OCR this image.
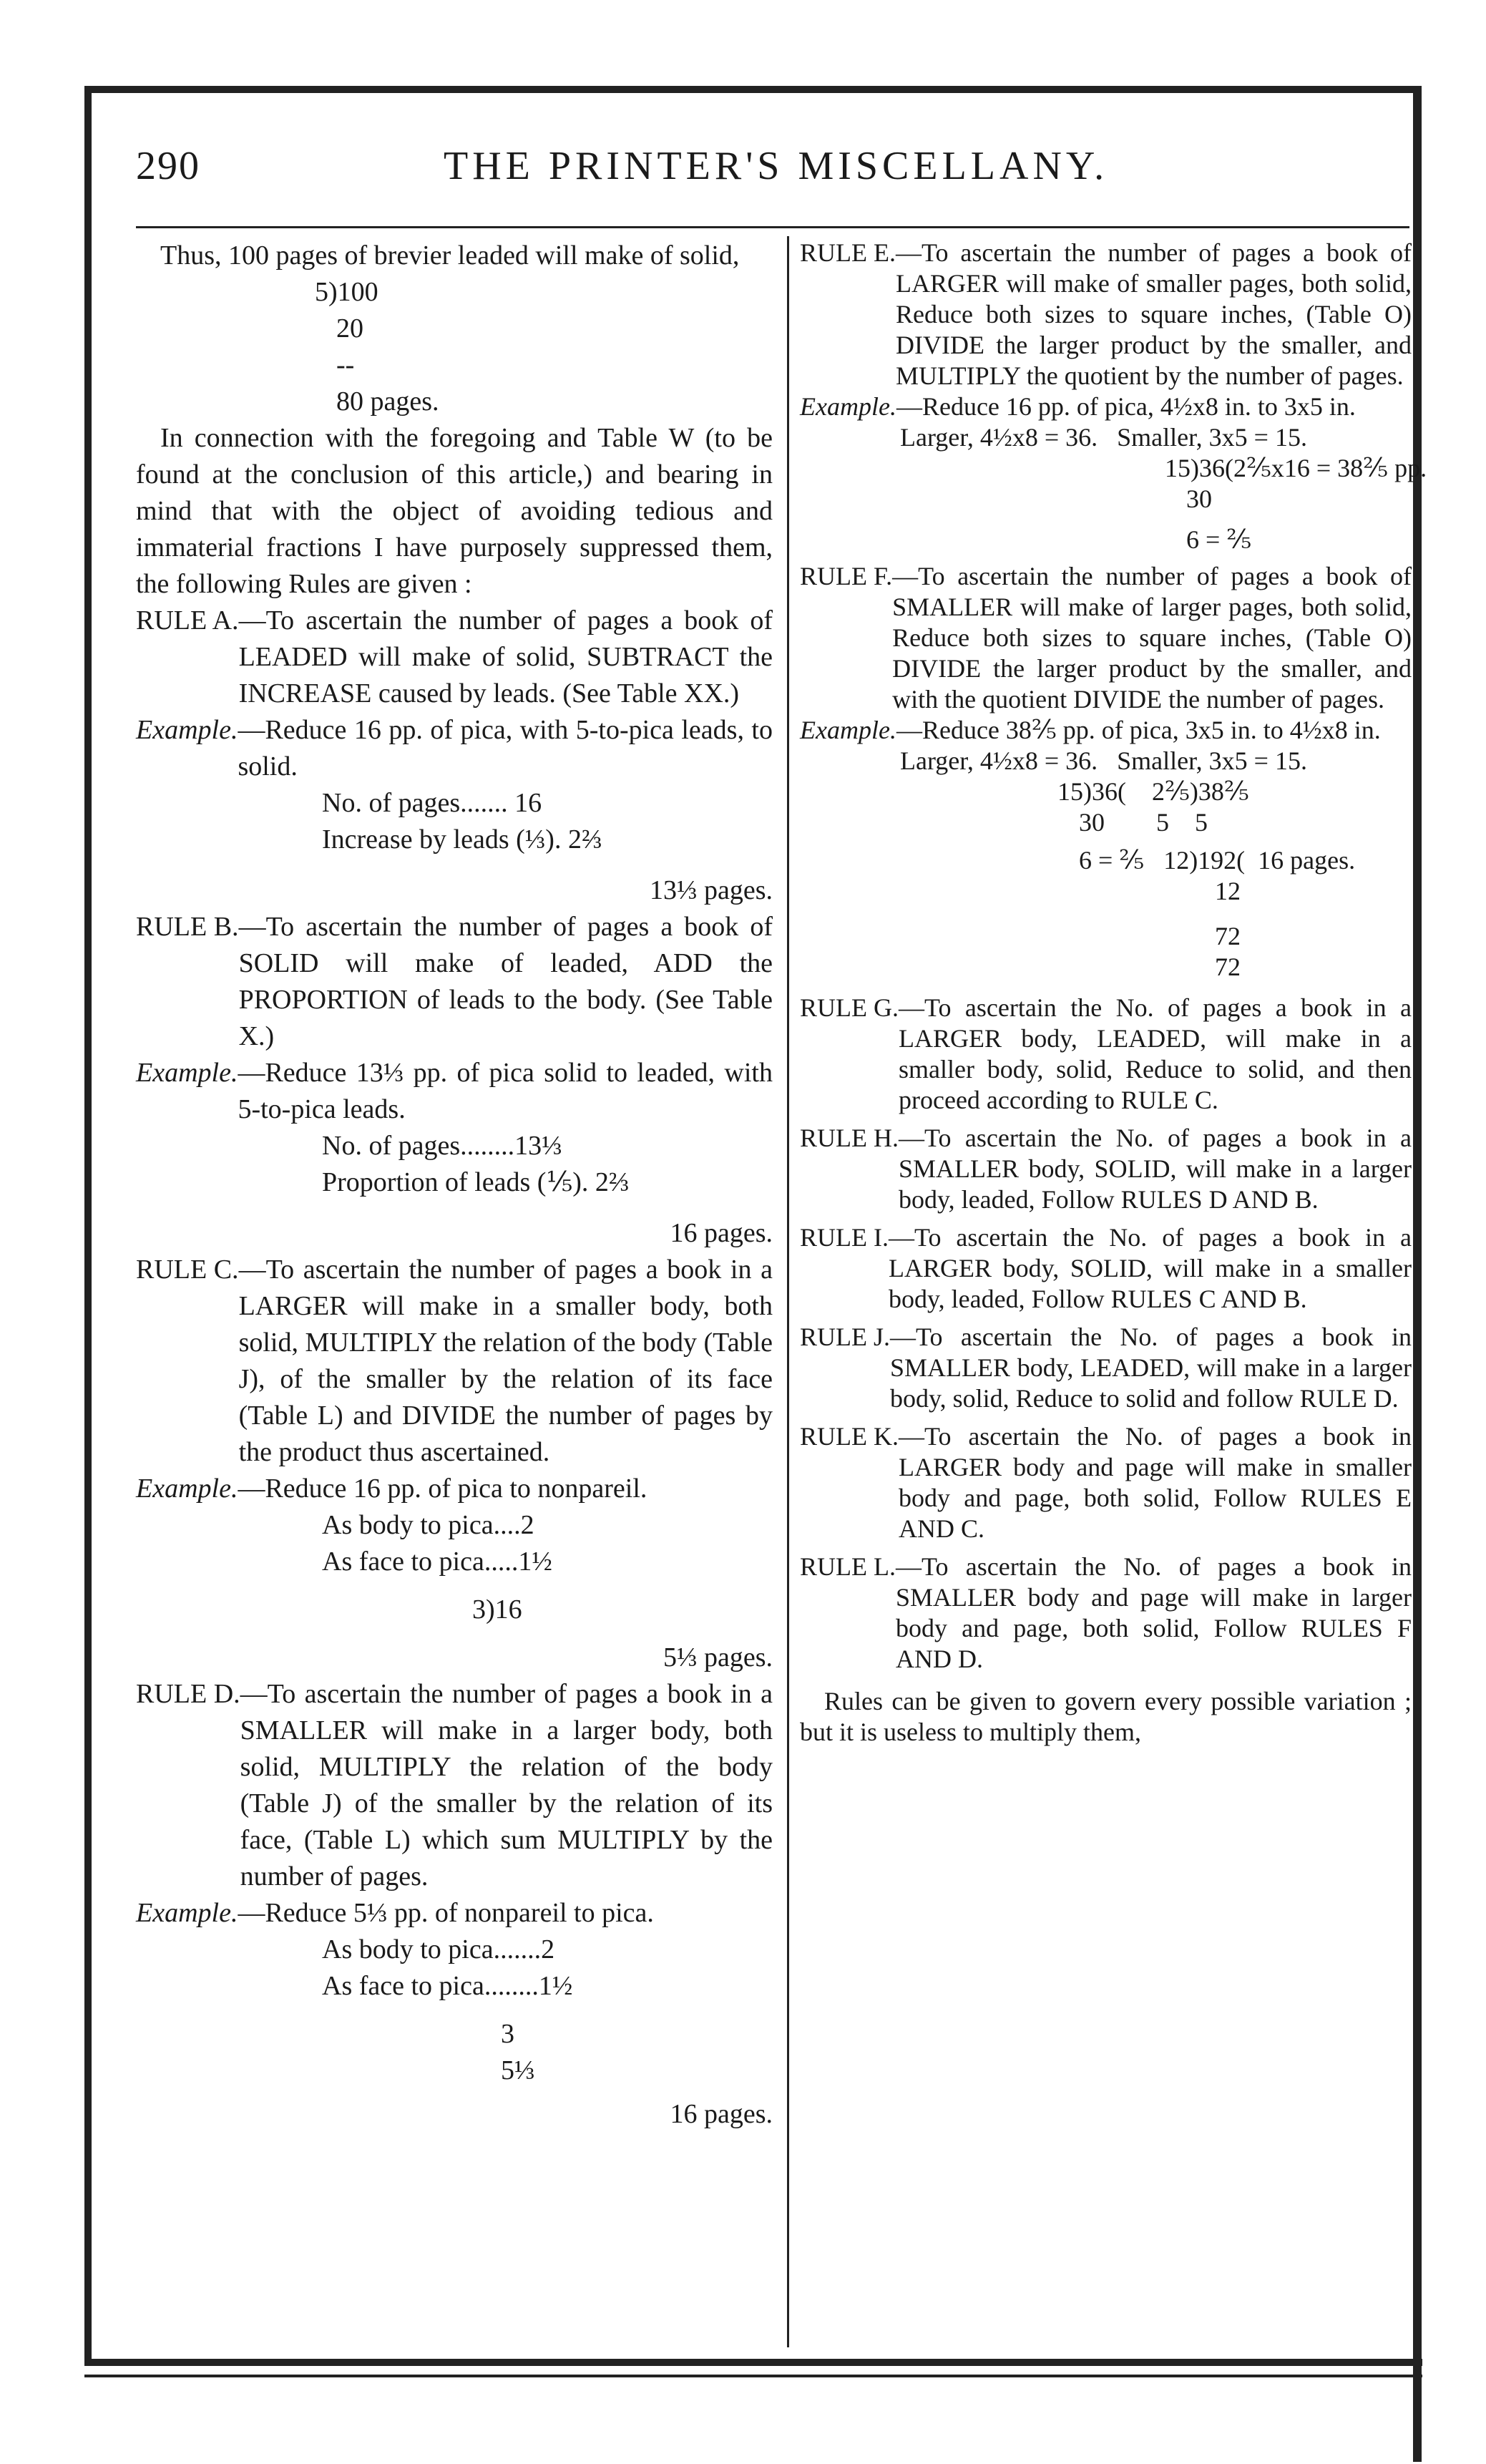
290	THE PRINTER'S MISCELLANY.

Thus, 100 pages of brevier leaded will make of solid,

5)100

20

--

80 pages.

In connection with the foregoing and Table W (to be found at the conclusion of this article,) and bearing in mind that with the object of avoiding tedious and immaterial fractions I have purposely suppressed them, the following Rules are given :

RULE A. —To ascertain the number of pages a book of LEADED will make of solid, SUBTRACT the INCREASE caused by leads. (See Table XX.)
Example. —Reduce 16 pp. of pica, with 5-to-pica leads, to solid.

No. of pages....... 16

Increase by leads (⅓). 2⅔

13⅓ pages.

RULE B. —To ascertain the number of pages a book of SOLID will make of leaded, ADD the PROPORTION of leads to the body. (See Table X.)
Example. —Reduce 13⅓ pp. of pica solid to leaded, with 5-to-pica leads.

No. of pages........13⅓

Proportion of leads (⅕). 2⅔

16 pages.

RULE C. —To ascertain the number of pages a book in a LARGER will make in a smaller body, both solid, MULTIPLY the relation of the body (Table J), of the smaller by the relation of its face (Table L) and DIVIDE the number of pages by the product thus ascertained.
Example. —Reduce 16 pp. of pica to nonpareil.

As body to pica....2

As face to pica.....1½

3)16

5⅓ pages.

RULE D. —To ascertain the number of pages a book in a SMALLER will make in a larger body, both solid, MULTIPLY the relation of the body (Table J) of the smaller by the relation of its face, (Table L) which sum MULTIPLY by the number of pages.
Example. —Reduce 5⅓ pp. of nonpareil to pica.

As body to pica.......2

As face to pica........1½

3

5⅓

16 pages.

RULE E. —To ascertain the number of pages a book of LARGER will make of smaller pages, both solid, Reduce both sizes to square inches, (Table O) DIVIDE the larger product by the smaller, and MULTIPLY the quotient by the number of pages.
Example. —Reduce 16 pp. of pica, 4½x8 in. to 3x5 in.

Larger, 4½x8 = 36.   Smaller, 3x5 = 15.

15)36(2⅖x16 = 38⅖ pp.

30

6 = ⅖

RULE F. —To ascertain the number of pages a book of SMALLER will make of larger pages, both solid, Reduce both sizes to square inches, (Table O) DIVIDE the larger product by the smaller, and with the quotient DIVIDE the number of pages.
Example. —Reduce 38⅖ pp. of pica, 3x5 in. to 4½x8 in.

Larger, 4½x8 = 36.   Smaller, 3x5 = 15.

15)36(    2⅖)38⅖

30        5    5

6 = ⅖   12)192(  16 pages.

12

72

72

RULE G. —To ascertain the No. of pages a book in a LARGER body, LEADED, will make in a smaller body, solid, Reduce to solid, and then proceed according to RULE C.
RULE H. —To ascertain the No. of pages a book in a SMALLER body, SOLID, will make in a larger body, leaded, Follow RULES D AND B.
RULE I. —To ascertain the No. of pages a book in a LARGER body, SOLID, will make in a smaller body, leaded, Follow RULES C AND B.
RULE J. —To ascertain the No. of pages a book in SMALLER body, LEADED, will make in a larger body, solid, Reduce to solid and follow RULE D.
RULE K. —To ascertain the No. of pages a book in LARGER body and page will make in smaller body and page, both solid, Follow RULES E AND C.
RULE L. —To ascertain the No. of pages a book in SMALLER body and page will make in larger body and page, both solid, Follow RULES F AND D.

Rules can be given to govern every possible variation ; but it is useless to multiply them,
